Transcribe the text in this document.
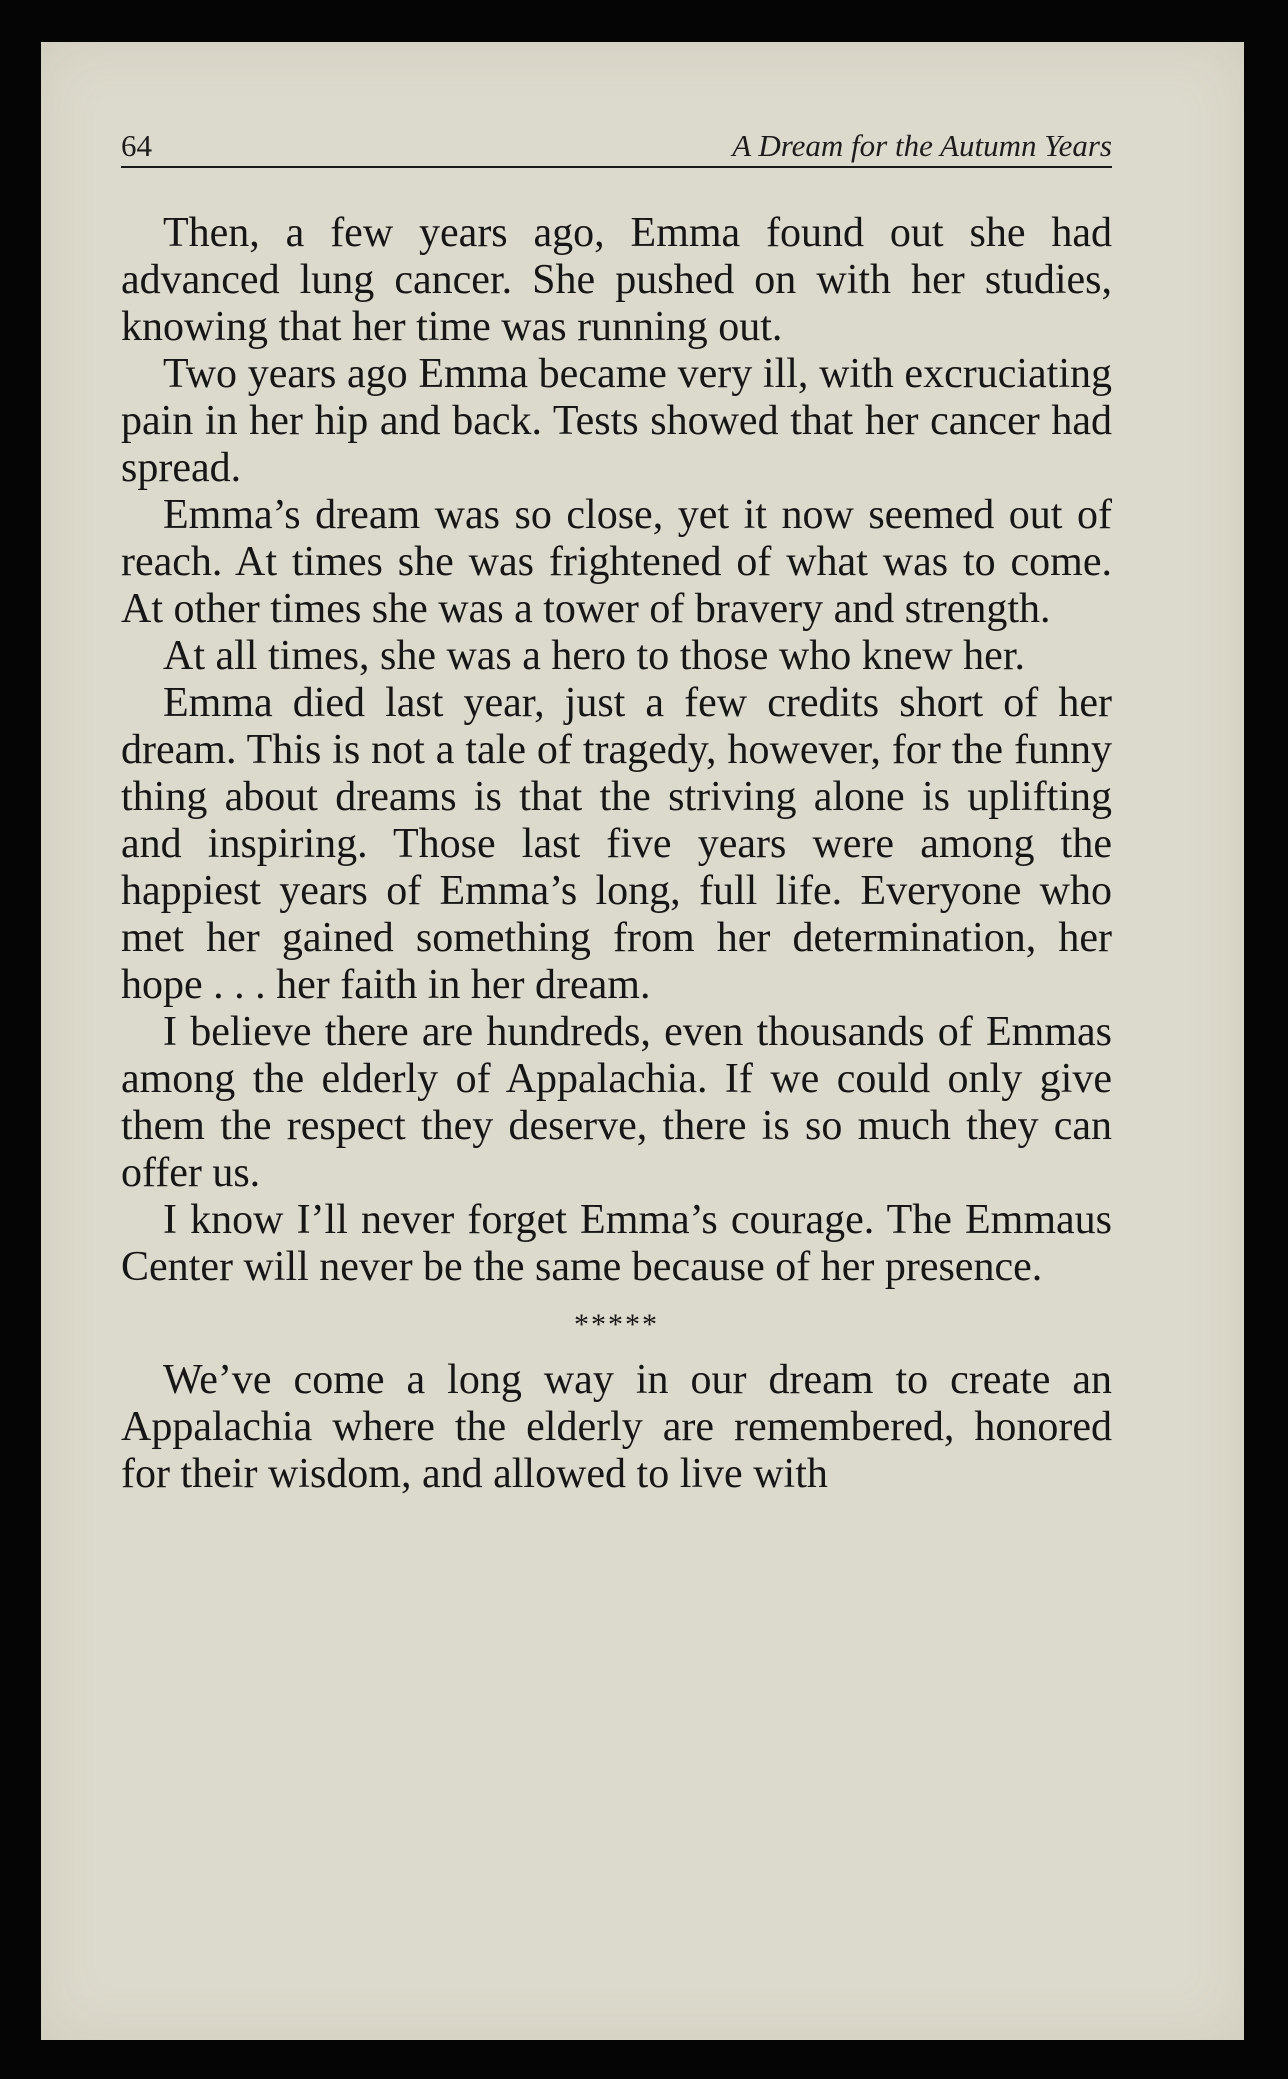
64	A Dream for the Autumn Years

Then, a few years ago, Emma found out she had advanced lung cancer. She pushed on with her studies, knowing that her time was running out.

Two years ago Emma became very ill, with excruciating pain in her hip and back. Tests showed that her cancer had spread.

Emma’s dream was so close, yet it now seemed out of reach. At times she was frightened of what was to come. At other times she was a tower of bravery and strength.

At all times, she was a hero to those who knew her.

Emma died last year, just a few credits short of her dream. This is not a tale of tragedy, however, for the funny thing about dreams is that the striving alone is uplifting and inspiring. Those last five years were among the happiest years of Emma’s long, full life. Everyone who met her gained something from her determination, her hope . . . her faith in her dream.

I believe there are hundreds, even thousands of Emmas among the elderly of Appalachia. If we could only give them the respect they deserve, there is so much they can offer us.

I know I’ll never forget Emma’s courage. The Emmaus Center will never be the same because of her presence.

*****

We’ve come a long way in our dream to create an Appalachia where the elderly are remembered, honored for their wisdom, and allowed to live with
